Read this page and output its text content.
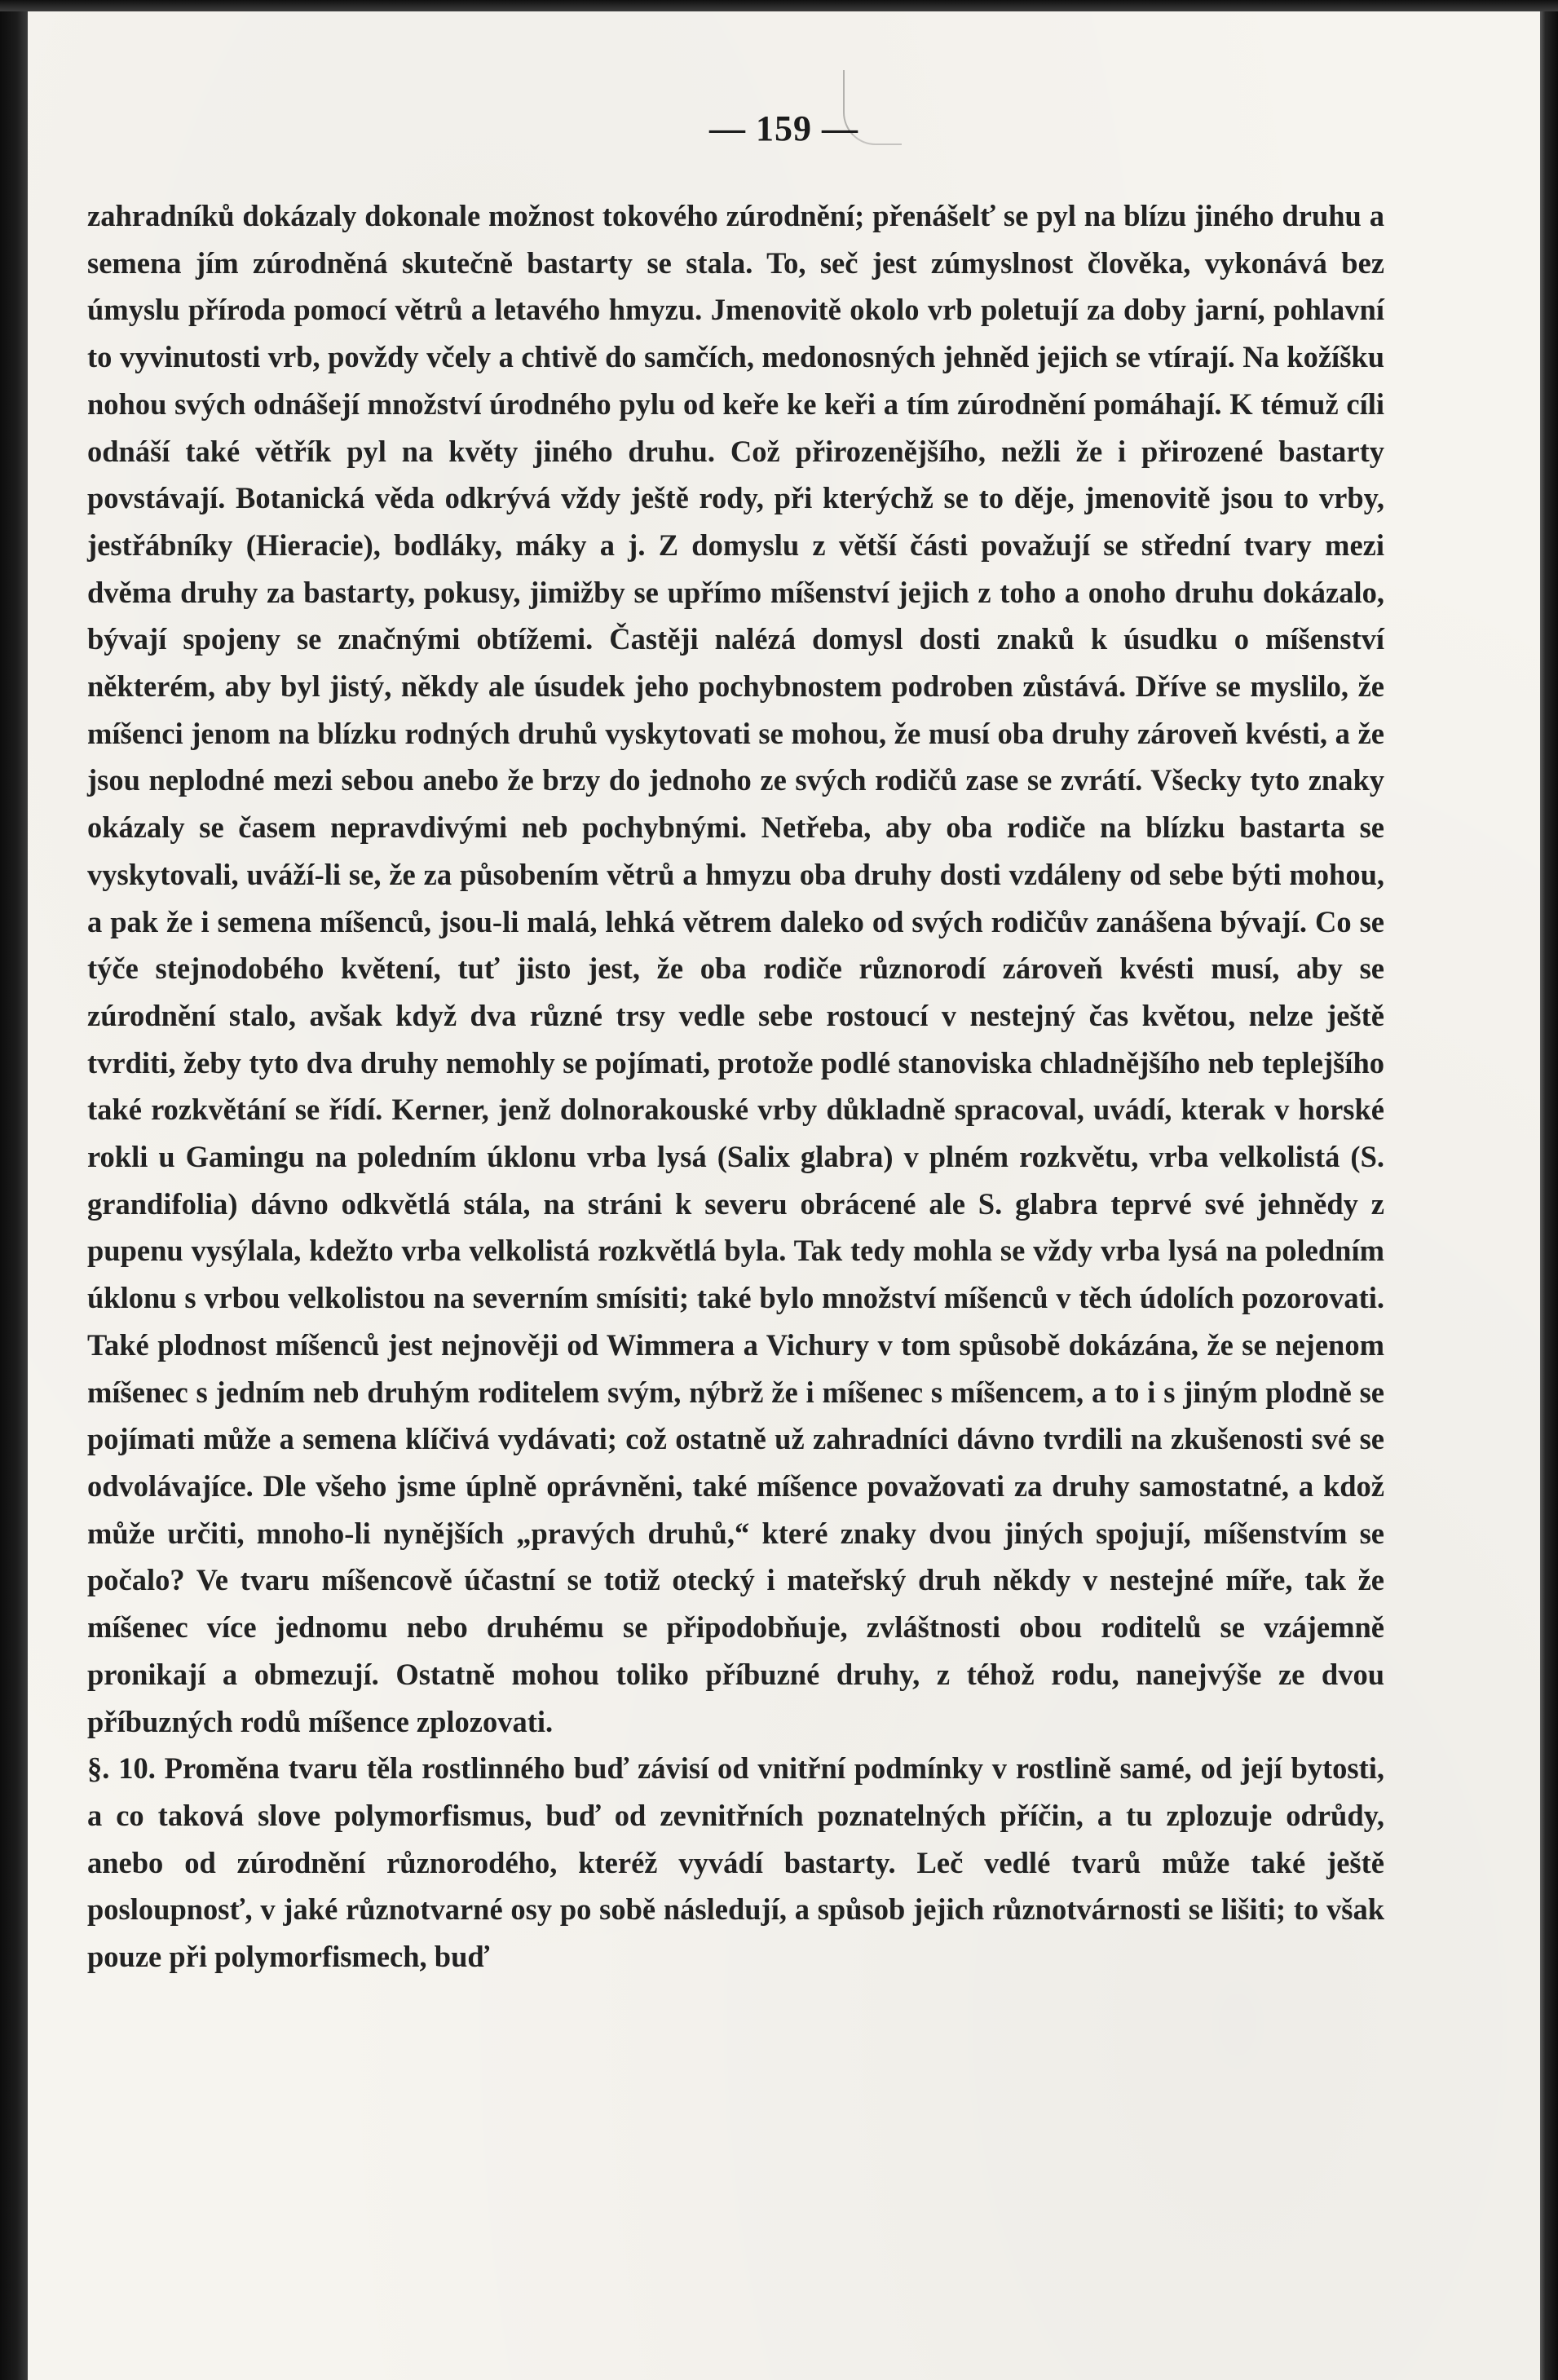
— 159 —

zahradníků dokázaly dokonale možnost tokového zúrodnění; přenášelť se pyl na blízu jiného druhu a semena jím zúrodněná skutečně bastarty se stala. To, seč jest zúmyslnost člověka, vykonává bez úmyslu příroda pomocí větrů a letavého hmyzu. Jmenovitě okolo vrb poletují za doby jarní, pohlavní to vyvinutosti vrb, povždy včely a chtivě do samčích, medonosných jehněd jejich se vtírají. Na kožíšku nohou svých odnášejí množství úrodného pylu od keře ke keři a tím zúrodnění pomáhají. K témuž cíli odnáší také větřík pyl na květy jiného druhu. Což přirozenějšího, nežli že i přirozené bastarty povstávají. Botanická věda odkrývá vždy ještě rody, při kterýchž se to děje, jmenovitě jsou to vrby, jestřábníky (Hieracie), bodláky, máky a j. Z domyslu z větší části považují se střední tvary mezi dvěma druhy za bastarty, pokusy, jimižby se upřímo míšenství jejich z toho a onoho druhu dokázalo, bývají spojeny se značnými obtížemi. Častěji nalézá domysl dosti znaků k úsudku o míšenství některém, aby byl jistý, někdy ale úsudek jeho pochybnostem podroben zůstává. Dříve se myslilo, že míšenci jenom na blízku rodných druhů vyskytovati se mohou, že musí oba druhy zároveň kvésti, a že jsou neplodné mezi sebou anebo že brzy do jednoho ze svých rodičů zase se zvrátí. Všecky tyto znaky okázaly se časem nepravdivými neb pochybnými. Netřeba, aby oba rodiče na blízku bastarta se vyskytovali, uváží-li se, že za působením větrů a hmyzu oba druhy dosti vzdáleny od sebe býti mohou, a pak že i semena míšenců, jsou-li malá, lehká větrem daleko od svých rodičův zanášena bývají. Co se týče stejnodobého květení, tuť jisto jest, že oba rodiče různorodí zároveň kvésti musí, aby se zúrodnění stalo, avšak když dva různé trsy vedle sebe rostoucí v nestejný čas květou, nelze ještě tvrditi, žeby tyto dva druhy nemohly se pojímati, protože podlé stanoviska chladnějšího neb teplejšího také rozkvětání se řídí. Kerner, jenž dolnorakouské vrby důkladně spracoval, uvádí, kterak v horské rokli u Gamingu na poledním úklonu vrba lysá (Salix glabra) v plném rozkvětu, vrba velkolistá (S. grandifolia) dávno odkvětlá stála, na stráni k severu obrácené ale S. glabra teprvé své jehnědy z pupenu vysýlala, kdežto vrba velkolistá rozkvětlá byla. Tak tedy mohla se vždy vrba lysá na poledním úklonu s vrbou velkolistou na severním smísiti; také bylo množství míšenců v těch údolích pozorovati. Také plodnost míšenců jest nejnověji od Wimmera a Vichury v tom spůsobě dokázána, že se nejenom míšenec s jedním neb druhým roditelem svým, nýbrž že i míšenec s míšencem, a to i s jiným plodně se pojímati může a semena klíčivá vydávati; což ostatně už zahradníci dávno tvrdili na zkušenosti své se odvolávajíce. Dle všeho jsme úplně oprávněni, také míšence považovati za druhy samostatné, a kdož může určiti, mnoho-li nynějších „pravých druhů,“ které znaky dvou jiných spojují, míšenstvím se počalo? Ve tvaru míšencově účastní se totiž otecký i mateřský druh někdy v nestejné míře, tak že míšenec více jednomu nebo druhému se připodobňuje, zvláštnosti obou roditelů se vzájemně pronikají a obmezují. Ostatně mohou toliko příbuzné druhy, z téhož rodu, nanejvýše ze dvou příbuzných rodů míšence zplozovati.

§. 10. Proměna tvaru těla rostlinného buď závisí od vnitřní podmínky v rostlině samé, od její bytosti, a co taková slove polymorfismus, buď od zevnitřních poznatelných příčin, a tu zplozuje odrůdy, anebo od zúrodnění různorodého, kteréž vyvádí bastarty. Leč vedlé tvarů může také ještě posloupnosť, v jaké různotvarné osy po sobě následují, a spůsob jejich různotvárnosti se lišiti; to však pouze při polymorfismech, buď
